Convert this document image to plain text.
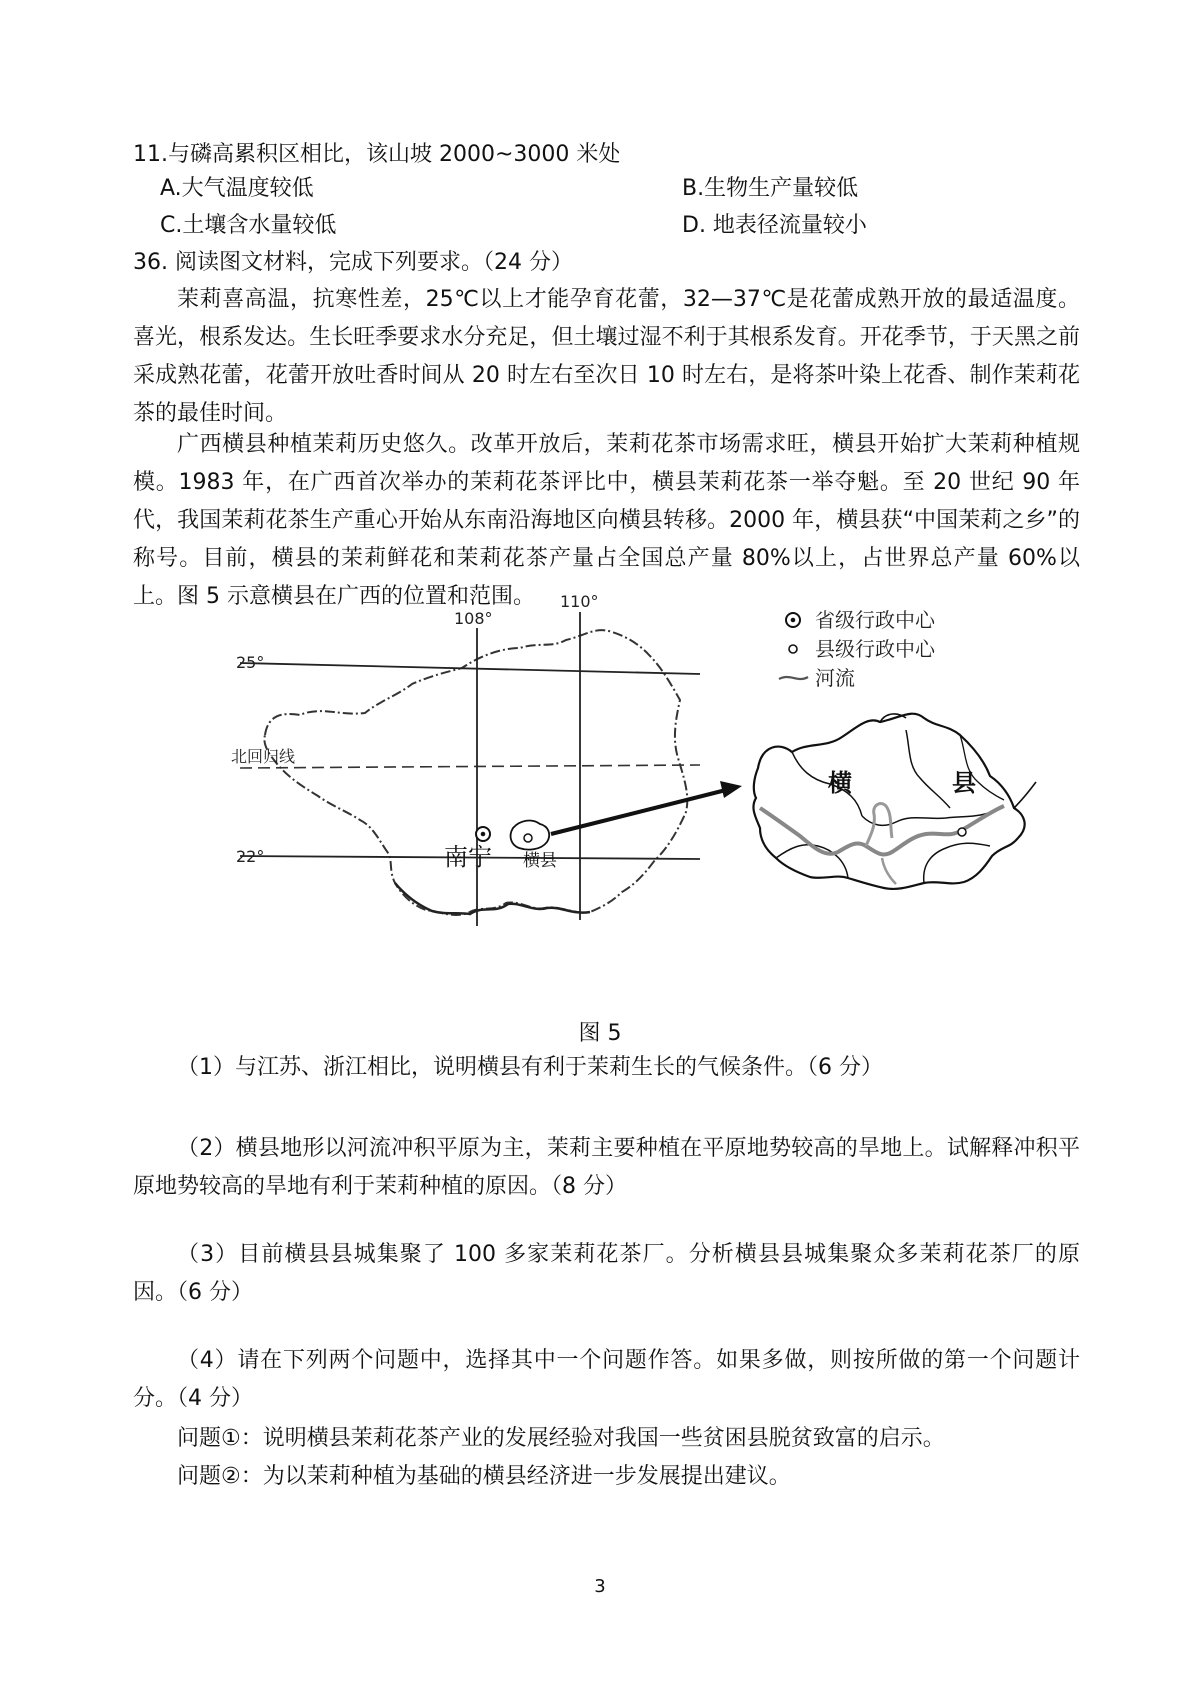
11.与磷高累积区相比，该山坡 2000~3000 米处
A.大气温度较低	B.生物生产量较低
C.土壤含水量较低	D. 地表径流量较小
36. 阅读图文材料，完成下列要求。（24 分）
茉莉喜高温，抗寒性差，25℃以上才能孕育花蕾，32—37℃是花蕾成熟开放的最适温度。喜光，根系发达。生长旺季要求水分充足，但土壤过湿不利于其根系发育。开花季节，于天黑之前采成熟花蕾，花蕾开放吐香时间从 20 时左右至次日 10 时左右，是将茶叶染上花香、制作茉莉花茶的最佳时间。
广西横县种植茉莉历史悠久。改革开放后，茉莉花茶市场需求旺，横县开始扩大茉莉种植规模。1983 年，在广西首次举办的茉莉花茶评比中，横县茉莉花茶一举夺魁。至 20 世纪 90 年代，我国茉莉花茶生产重心开始从东南沿海地区向横县转移。2000 年，横县获“中国茉莉之乡”的称号。目前，横县的茉莉鲜花和茉莉花茶产量占全国总产量 80%以上，占世界总产量 60%以上。图 5 示意横县在广西的位置和范围。	110°
108°
25°
22°
北回归线
南宁 横县
横	县
省级行政中心
县级行政中心
河流
图 5
（1）与江苏、浙江相比，说明横县有利于茉莉生长的气候条件。（6 分）
（2）横县地形以河流冲积平原为主，茉莉主要种植在平原地势较高的旱地上。试解释冲积平原地势较高的旱地有利于茉莉种植的原因。（8 分）
（3）目前横县县城集聚了 100 多家茉莉花茶厂。分析横县县城集聚众多茉莉花茶厂的原因。（6 分）
（4）请在下列两个问题中，选择其中一个问题作答。如果多做，则按所做的第一个问题计分。（4 分）
问题①：说明横县茉莉花茶产业的发展经验对我国一些贫困县脱贫致富的启示。
问题②：为以茉莉种植为基础的横县经济进一步发展提出建议。
3
